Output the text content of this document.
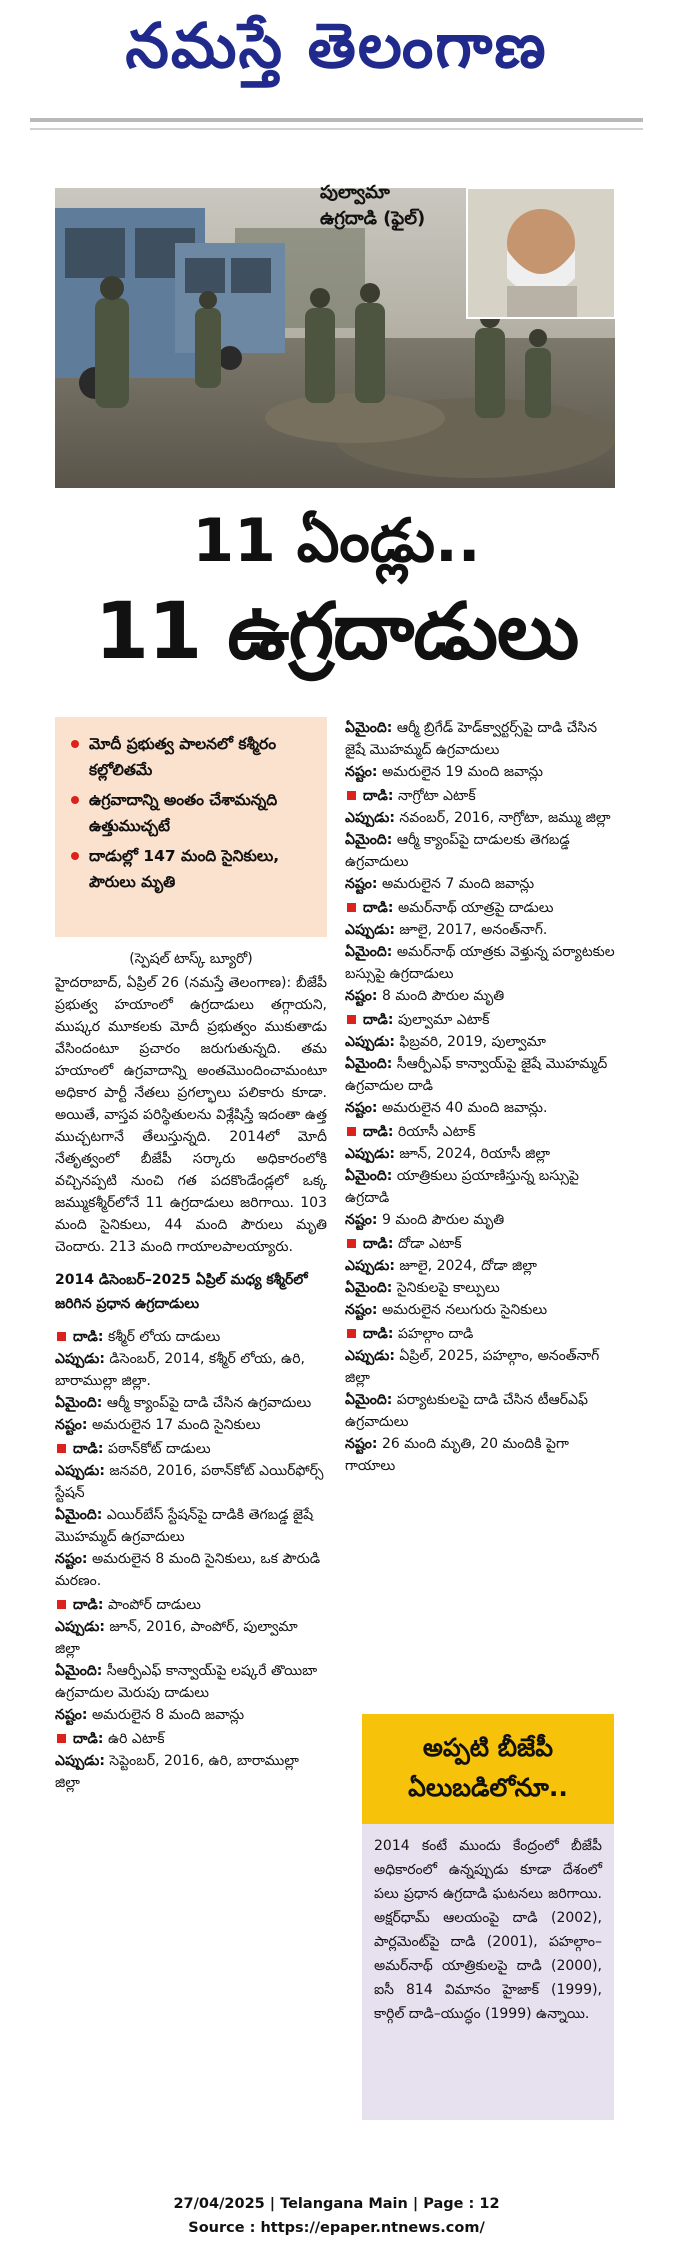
నమస్తే తెలంగాణ
పుల్వామా
ఉగ్రదాడి (ఫైల్)
11 ఏండ్లు..
11 ఉగ్రదాడులు
మోదీ ప్రభుత్వ పాలనలో కశ్మీరం కల్లోలితమే
ఉగ్రవాదాన్ని అంతం చేశామన్నది ఉత్తుముచ్చటే
దాడుల్లో 147 మంది సైనికులు, పౌరులు మృతి
(స్పెషల్ టాస్క్ బ్యూరో)

హైదరాబాద్, ఏప్రిల్ 26 (నమస్తే తెలంగాణ): బీజేపీ ప్రభుత్వ హయాంలో ఉగ్రదాడులు తగ్గాయని, ముష్కర మూకలకు మోదీ ప్రభుత్వం ముకుతాడు వేసిందంటూ ప్రచారం జరుగుతున్నది. తమ హయాంలో ఉగ్రవాదాన్ని అంతమొందించామంటూ అధికార పార్టీ నేతలు ప్రగల్భాలు పలికారు కూడా. అయితే, వాస్తవ పరిస్థితులను విశ్లేషిస్తే ఇదంతా ఉత్త ముచ్చటగానే తేలుస్తున్నది. 2014లో మోదీ నేతృత్వంలో బీజేపీ సర్కారు అధికారంలోకి వచ్చినప్పటి నుంచి గత పదకొండేండ్లలో ఒక్క జమ్ముకశ్మీర్‌లోనే 11 ఉగ్రదాడులు జరిగాయి. 103 మంది సైనికులు, 44 మంది పౌరులు మృతి చెందారు. 213 మంది గాయాలపాలయ్యారు.

2014 డిసెంబర్–2025 ఏప్రిల్ మధ్య కశ్మీర్‌లో జరిగిన ప్రధాన ఉగ్రదాడులు
దాడి: కశ్మీర్ లోయ దాడులు
ఎప్పుడు: డిసెంబర్, 2014, కశ్మీర్ లోయ, ఉరి, బారాముల్లా జిల్లా.
ఏమైంది: ఆర్మీ క్యాంప్‌పై దాడి చేసిన ఉగ్రవాదులు
నష్టం: అమరులైన 17 మంది సైనికులు
దాడి: పఠాన్‌కోట్ దాడులు
ఎప్పుడు: జనవరి, 2016, పఠాన్‌కోట్ ఎయిర్‌ఫోర్స్ స్టేషన్
ఏమైంది: ఎయిర్‌బేస్ స్టేషన్‌పై దాడికి తెగబడ్డ జైషే మొహమ్మద్ ఉగ్రవాదులు
నష్టం: అమరులైన 8 మంది సైనికులు, ఒక పౌరుడి మరణం.
దాడి: పాంపోర్ దాడులు
ఎప్పుడు: జూన్, 2016, పాంపోర్, పుల్వామా జిల్లా
ఏమైంది: సీఆర్పీఎఫ్ కాన్వాయ్‌పై లష్కరే తొయిబా ఉగ్రవాదుల మెరుపు దాడులు
నష్టం: అమరులైన 8 మంది జవాన్లు
దాడి: ఉరి ఎటాక్
ఎప్పుడు: సెప్టెంబర్, 2016, ఉరి, బారాముల్లా జిల్లా
ఏమైంది: ఆర్మీ బ్రిగేడ్ హెడ్‌క్వార్టర్స్‌పై దాడి చేసిన జైషే మొహమ్మద్ ఉగ్రవాదులు
నష్టం: అమరులైన 19 మంది జవాన్లు
దాడి: నాగ్రోటా ఎటాక్
ఎప్పుడు: నవంబర్, 2016, నాగ్రోటా, జమ్ము జిల్లా
ఏమైంది: ఆర్మీ క్యాంప్‌పై దాడులకు తెగబడ్డ ఉగ్రవాదులు
నష్టం: అమరులైన 7 మంది జవాన్లు
దాడి: అమర్‌నాథ్ యాత్రపై దాడులు
ఎప్పుడు: జూలై, 2017, అనంత్‌నాగ్.
ఏమైంది: అమర్‌నాథ్ యాత్రకు వెళ్తున్న పర్యాటకుల బస్సుపై ఉగ్రదాడులు
నష్టం: 8 మంది పౌరుల మృతి
దాడి: పుల్వామా ఎటాక్
ఎప్పుడు: ఫిబ్రవరి, 2019, పుల్వామా
ఏమైంది: సీఆర్పీఎఫ్ కాన్వాయ్‌పై జైషే మొహమ్మద్ ఉగ్రవాదుల దాడి
నష్టం: అమరులైన 40 మంది జవాన్లు.
దాడి: రియాసీ ఎటాక్
ఎప్పుడు: జూన్, 2024, రియాసీ జిల్లా
ఏమైంది: యాత్రికులు ప్రయాణిస్తున్న బస్సుపై ఉగ్రదాడి
నష్టం: 9 మంది పౌరుల మృతి
దాడి: దోడా ఎటాక్
ఎప్పుడు: జూలై, 2024, దోడా జిల్లా
ఏమైంది: సైనికులపై కాల్పులు
నష్టం: అమరులైన నలుగురు సైనికులు
దాడి: పహల్గాం దాడి
ఎప్పుడు: ఏప్రిల్, 2025, పహల్గాం, అనంత్‌నాగ్ జిల్లా
ఏమైంది: పర్యాటకులపై దాడి చేసిన టీఆర్‌ఎఫ్ ఉగ్రవాదులు
నష్టం: 26 మంది మృతి, 20 మందికి పైగా గాయాలు
అప్పటి బీజేపీ ఏలుబడిలోనూ..
2014 కంటే ముందు కేంద్రంలో బీజేపీ అధికారంలో ఉన్నప్పుడు కూడా దేశంలో పలు ప్రధాన ఉగ్రదాడి ఘటనలు జరిగాయి. అక్షర్‌ధామ్ ఆలయంపై దాడి (2002), పార్లమెంట్‌పై దాడి (2001), పహల్గాం–అమర్‌నాథ్ యాత్రికులపై దాడి (2000), ఐసీ 814 విమానం హైజాక్ (1999), కార్గిల్ దాడి–యుద్ధం (1999) ఉన్నాయి.
27/04/2025 | Telangana Main | Page : 12
Source : https://epaper.ntnews.com/
